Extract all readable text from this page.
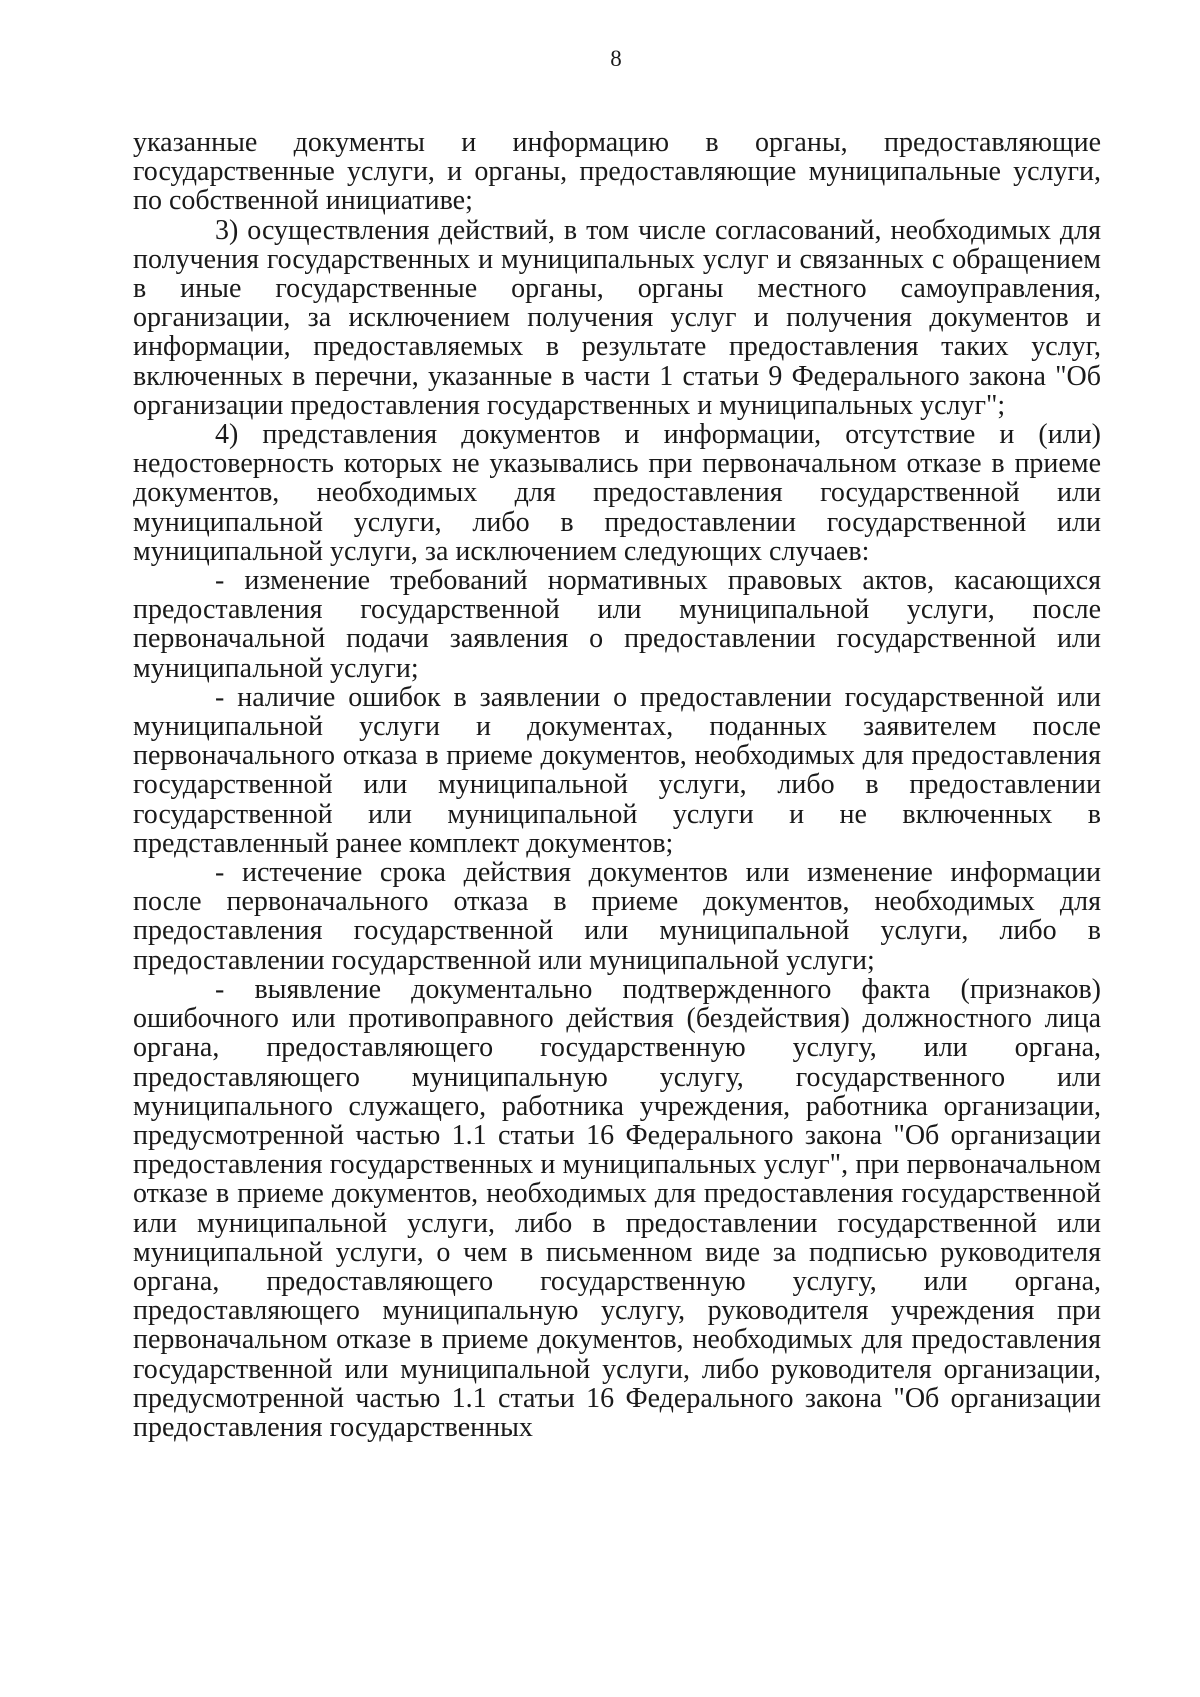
8

указанные документы и информацию в органы, предоставляющие государственные услуги, и органы, предоставляющие муниципальные услуги, по собственной инициативе;

3) осуществления действий, в том числе согласований, необходимых для получения государственных и муниципальных услуг и связанных с обращением в иные государственные органы, органы местного самоуправления, организации, за исключением получения услуг и получения документов и информации, предоставляемых в результате предоставления таких услуг, включенных в перечни, указанные в части 1 статьи 9 Федерального закона "Об организации предоставления государственных и муниципальных услуг";

4) представления документов и информации, отсутствие и (или) недостоверность которых не указывались при первоначальном отказе в приеме документов, необходимых для предоставления государственной или муниципальной услуги, либо в предоставлении государственной или муниципальной услуги, за исключением следующих случаев:

- изменение требований нормативных правовых актов, касающихся предоставления государственной или муниципальной услуги, после первоначальной подачи заявления о предоставлении государственной или муниципальной услуги;

- наличие ошибок в заявлении о предоставлении государственной или муниципальной услуги и документах, поданных заявителем после первоначального отказа в приеме документов, необходимых для предоставления государственной или муниципальной услуги, либо в предоставлении государственной или муниципальной услуги и не включенных в представленный ранее комплект документов;

- истечение срока действия документов или изменение информации после первоначального отказа в приеме документов, необходимых для предоставления государственной или муниципальной услуги, либо в предоставлении государственной или муниципальной услуги;

- выявление документально подтвержденного факта (признаков) ошибочного или противоправного действия (бездействия) должностного лица органа, предоставляющего государственную услугу, или органа, предоставляющего муниципальную услугу, государственного или муниципального служащего, работника учреждения, работника организации, предусмотренной частью 1.1 статьи 16 Федерального закона "Об организации предоставления государственных и муниципальных услуг", при первоначальном отказе в приеме документов, необходимых для предоставления государственной или муниципальной услуги, либо в предоставлении государственной или муниципальной услуги, о чем в письменном виде за подписью руководителя органа, предоставляющего государственную услугу, или органа, предоставляющего муниципальную услугу, руководителя учреждения при первоначальном отказе в приеме документов, необходимых для предоставления государственной или муниципальной услуги, либо руководителя организации, предусмотренной частью 1.1 статьи 16 Федерального закона "Об организации предоставления государственных
